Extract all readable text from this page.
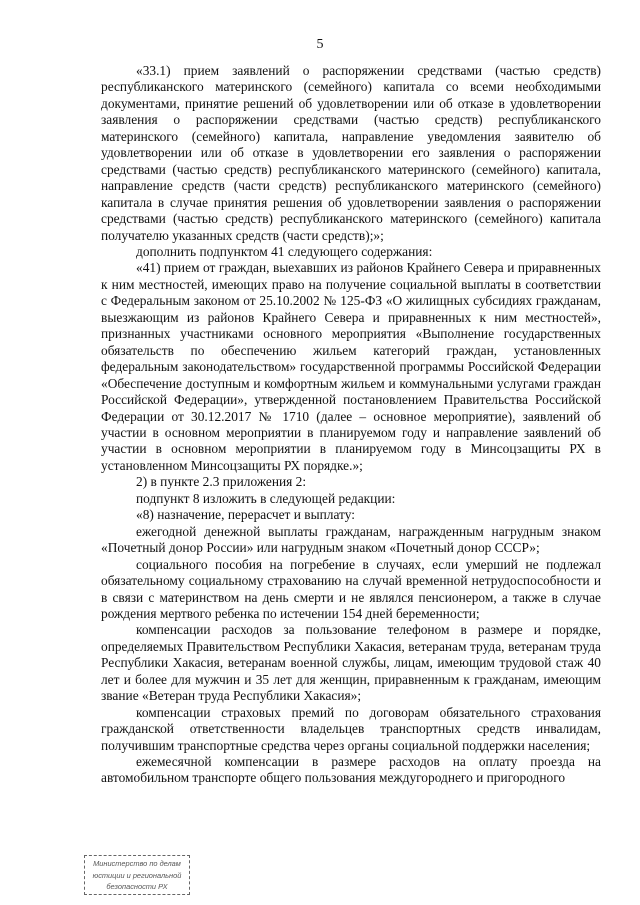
5

«33.1) прием заявлений о распоряжении средствами (частью средств) республиканского материнского (семейного) капитала со всеми необходимыми документами, принятие решений об удовлетворении или об отказе в удовлетворении заявления о распоряжении средствами (частью средств) республиканского материнского (семейного) капитала, направление уведомления заявителю об удовлетворении или об отказе в удовлетворении его заявления о распоряжении средствами (частью средств) республиканского материнского (семейного) капитала, направление средств (части средств) республиканского материнского (семейного) капитала в случае принятия решения об удовлетворении заявления о распоряжении средствами (частью средств) республиканского материнского (семейного) капитала получателю указанных средств (части средств);»;

дополнить подпунктом 41 следующего содержания:

«41) прием от граждан, выехавших из районов Крайнего Севера и приравненных к ним местностей, имеющих право на получение социальной выплаты в соответствии с Федеральным законом от 25.10.2002 № 125-ФЗ «О жилищных субсидиях гражданам, выезжающим из районов Крайнего Севера и приравненных к ним местностей», признанных участниками основного мероприятия «Выполнение государственных обязательств по обеспечению жильем категорий граждан, установленных федеральным законодательством» государственной программы Российской Федерации «Обеспечение доступным и комфортным жильем и коммунальными услугами граждан Российской Федерации», утвержденной постановлением Правительства Российской Федерации от 30.12.2017 № 1710 (далее – основное мероприятие), заявлений об участии в основном мероприятии в планируемом году и направление заявлений об участии в основном мероприятии в планируемом году в Минсоцзащиты РХ в установленном Минсоцзащиты РХ порядке.»;

2) в пункте 2.3 приложения 2:

подпункт 8 изложить в следующей редакции:

«8) назначение, перерасчет и выплату:

ежегодной денежной выплаты гражданам, награжденным нагрудным знаком «Почетный донор России» или нагрудным знаком «Почетный донор СССР»;

социального пособия на погребение в случаях, если умерший не подлежал обязательному социальному страхованию на случай временной нетрудоспособности и в связи с материнством на день смерти и не являлся пенсионером, а также в случае рождения мертвого ребенка по истечении 154 дней беременности;

компенсации расходов за пользование телефоном в размере и порядке, определяемых Правительством Республики Хакасия, ветеранам труда, ветеранам труда Республики Хакасия, ветеранам военной службы, лицам, имеющим трудовой стаж 40 лет и более для мужчин и 35 лет для женщин, приравненным к гражданам, имеющим звание «Ветеран труда Республики Хакасия»;

компенсации страховых премий по договорам обязательного страхования гражданской ответственности владельцев транспортных средств инвалидам, получившим транспортные средства через органы социальной поддержки населения;

ежемесячной компенсации в размере расходов на оплату проезда на автомобильном транспорте общего пользования междугороднего и пригородного

Министерство по делам
юстиции и региональной
безопасности РХ
